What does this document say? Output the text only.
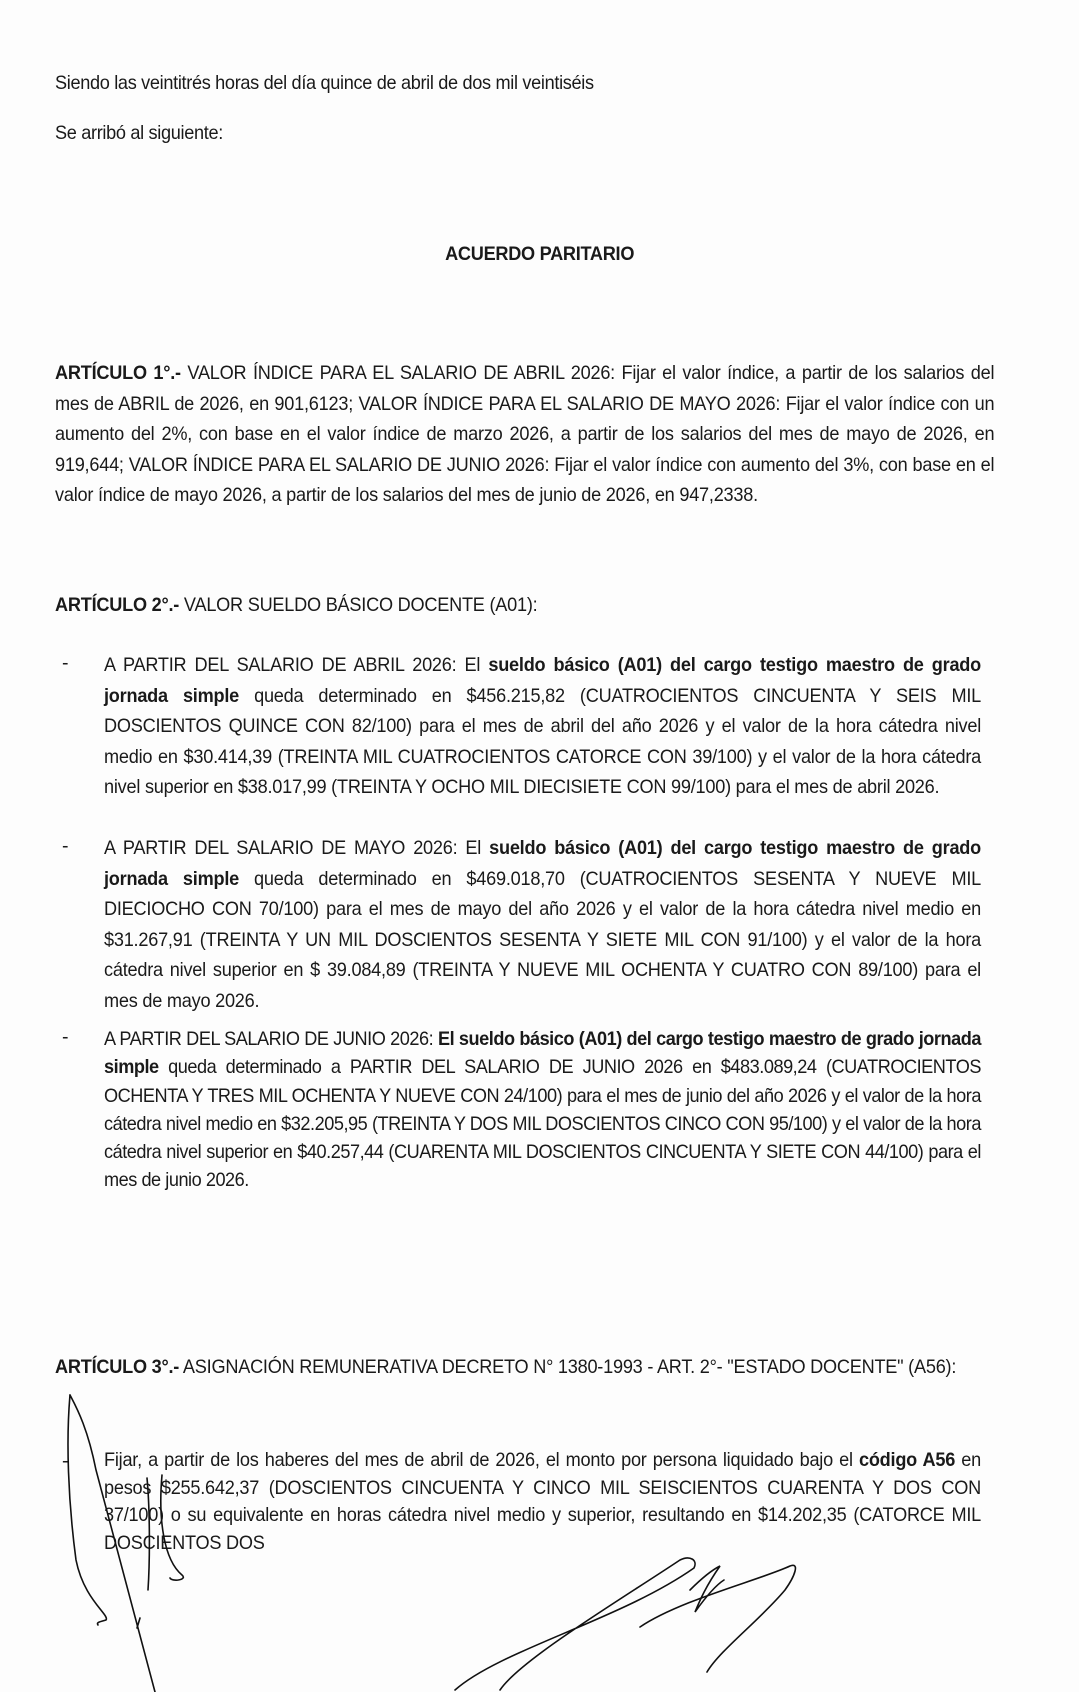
Siendo las veintitrés horas del día quince de abril de dos mil veintiséis
Se arribó al siguiente:
ACUERDO PARITARIO
ARTÍCULO 1°.- VALOR ÍNDICE PARA EL SALARIO DE ABRIL 2026: Fijar el valor índice, a partir de los salarios del mes de ABRIL de 2026, en 901,6123; VALOR ÍNDICE PARA EL SALARIO DE MAYO 2026: Fijar el valor índice con un aumento del 2%, con base en el valor índice de marzo 2026, a partir de los salarios del mes de mayo de 2026, en 919,644; VALOR ÍNDICE PARA EL SALARIO DE JUNIO 2026: Fijar el valor índice con aumento del 3%, con base en el valor índice de mayo 2026, a partir de los salarios del mes de junio de 2026, en 947,2338.
ARTÍCULO 2°.- VALOR SUELDO BÁSICO DOCENTE (A01):
- A PARTIR DEL SALARIO DE ABRIL 2026: El sueldo básico (A01) del cargo testigo maestro de grado jornada simple queda determinado en $456.215,82 (CUATROCIENTOS CINCUENTA Y SEIS MIL DOSCIENTOS QUINCE CON 82/100) para el mes de abril del año 2026 y el valor de la hora cátedra nivel medio en $30.414,39 (TREINTA MIL CUATROCIENTOS CATORCE CON 39/100) y el valor de la hora cátedra nivel superior en $38.017,99 (TREINTA Y OCHO MIL DIECISIETE CON 99/100) para el mes de abril 2026.
- A PARTIR DEL SALARIO DE MAYO 2026: El sueldo básico (A01) del cargo testigo maestro de grado jornada simple queda determinado en $469.018,70 (CUATROCIENTOS SESENTA Y NUEVE MIL DIECIOCHO CON 70/100) para el mes de mayo del año 2026 y el valor de la hora cátedra nivel medio en $31.267,91 (TREINTA Y UN MIL DOSCIENTOS SESENTA Y SIETE MIL CON 91/100) y el valor de la hora cátedra nivel superior en $ 39.084,89 (TREINTA Y NUEVE MIL OCHENTA Y CUATRO CON 89/100) para el mes de mayo 2026.
A PARTIR DEL SALARIO DE JUNIO 2026: El sueldo básico (A01) del cargo testigo maestro de grado jornada simple queda determinado a PARTIR DEL SALARIO DE JUNIO 2026 en $483.089,24 (CUATROCIENTOS OCHENTA Y TRES MIL OCHENTA Y NUEVE CON 24/100) para el mes de junio del año 2026 y el valor de la hora cátedra nivel medio en $32.205,95 (TREINTA Y DOS MIL DOSCIENTOS CINCO CON 95/100) y el valor de la hora cátedra nivel superior en $40.257,44 (CUARENTA MIL DOSCIENTOS CINCUENTA Y SIETE CON 44/100) para el mes de junio 2026.
-
ARTÍCULO 3°.- ASIGNACIÓN REMUNERATIVA DECRETO N° 1380-1993 - ART. 2°- "ESTADO DOCENTE" (A56):
- Fijar, a partir de los haberes del mes de abril de 2026, el monto por persona liquidado bajo el código A56 en pesos $255.642,37 (DOSCIENTOS CINCUENTA Y CINCO MIL SEISCIENTOS CUARENTA Y DOS CON 37/100) o su equivalente en horas cátedra nivel medio y superior, resultando en $14.202,35 (CATORCE MIL DOSCIENTOS DOS
